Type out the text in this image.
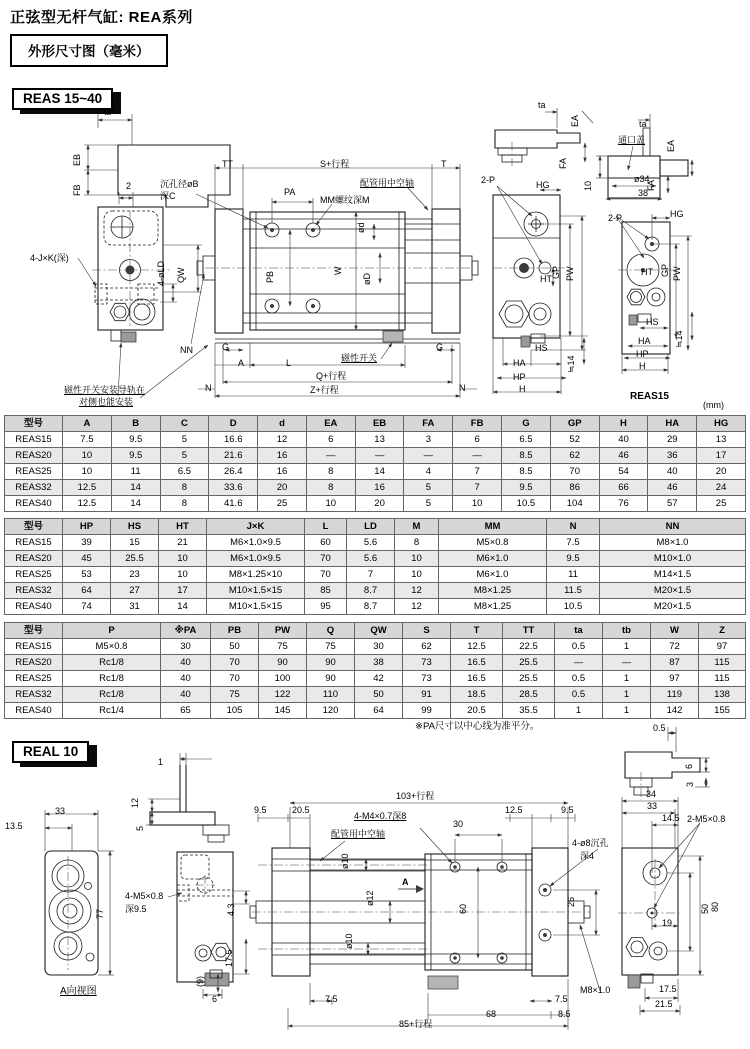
正弦型无杆气缸: REA系列
外形尺寸图（毫米）
REAS 15~40
REAL 10
型号	A	B	C	D	d	EA	EB	FA	FB	G	GP	H	HA	HG
REAS15	7.5	9.5	5	16.6	12	6	13	3	6	6.5	52	40	29	13
REAS20	10	9.5	5	21.6	16	—	—	—	—	8.5	62	46	36	17
REAS25	10	11	6.5	26.4	16	8	14	4	7	8.5	70	54	40	20
REAS32	12.5	14	8	33.6	20	8	16	5	7	9.5	86	66	46	24
REAS40	12.5	14	8	41.6	25	10	20	5	10	10.5	104	76	57	25
型号	HP	HS	HT	J×K	L	LD	M	MM	N	NN
REAS15	39	15	21	M6×1.0×9.5	60	5.6	8	M5×0.8	7.5	M8×1.0
REAS20	45	25.5	10	M6×1.0×9.5	70	5.6	10	M6×1.0	9.5	M10×1.0
REAS25	53	23	10	M8×1.25×10	70	7	10	M6×1.0	11	M14×1.5
REAS32	64	27	17	M10×1.5×15	85	8.7	12	M8×1.25	11.5	M20×1.5
REAS40	74	31	14	M10×1.5×15	95	8.7	12	M8×1.25	10.5	M20×1.5
型号	P	※PA	PB	PW	Q	QW	S	T	TT	ta	tb	W	Z
REAS15	M5×0.8	30	50	75	75	30	62	12.5	22.5	0.5	1	72	97
REAS20	Rc1/8	40	70	90	90	38	73	16.5	25.5	—	—	87	115
REAS25	Rc1/8	40	70	100	90	42	73	16.5	25.5	0.5	1	97	115
REAS32	Rc1/8	40	75	122	110	50	91	18.5	28.5	0.5	1	119	138
REAS40	Rc1/4	65	105	145	120	64	99	20.5	35.5	1	1	142	155
※PA尺寸以中心线为准平分。
tb
EB
FB	2	沉孔径øB
深C
4-J×K(深)
4-øLD QW
NN
N	N
磁性开关安装导轨在
对侧也能安装
TT	S+行程	T
PA
MM螺纹深M
配管用中空轴
ød
PB
W
øD
G
A	L	磁性开关
G
Q+行程
Z+行程
ta
EA
FA
ta
通口盖 EA
FA
10
ø34
38
2-P	HG
GP PW
HT
HS
HA
HP
H
≒14
2-P	HG
GP PW
HT
HS
HA
HP
H
≒14
REAS15
(mm)
0.5
1
12
5
33
13.5
9.5	20.5
103+行程
12.5	9.5
4-M4×0.7深8
30
配管用中空轴
ø10
ø12
A
60
ø10
26
7.5
68
7.5
8.5
85+行程
77
4-M5×0.8
深9.5	4.3
17.5
(9)
6
A向视图
6
3
34
33
14.5 2-M5×0.8
4-ø8沉孔
深4
50 80
19
M8×1.0	17.5
21.5
